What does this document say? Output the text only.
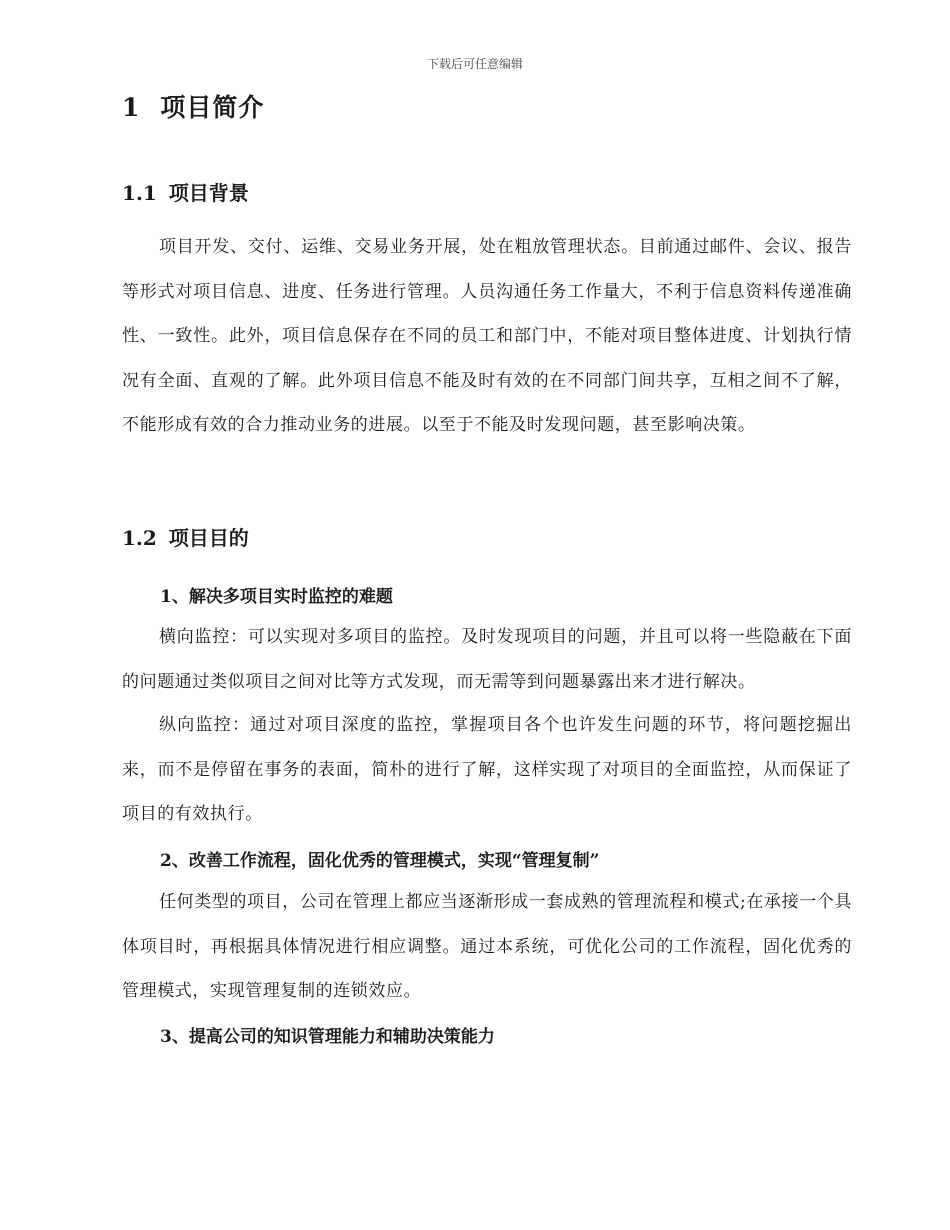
下载后可任意编辑
1 项目简介
1.1 项目背景
项目开发、交付、运维、交易业务开展，处在粗放管理状态。目前通过邮件、会议、报告等形式对项目信息、进度、任务进行管理。人员沟通任务工作量大，不利于信息资料传递准确性、一致性。此外，项目信息保存在不同的员工和部门中，不能对项目整体进度、计划执行情况有全面、直观的了解。此外项目信息不能及时有效的在不同部门间共享，互相之间不了解，不能形成有效的合力推动业务的进展。以至于不能及时发现问题，甚至影响决策。
1.2 项目目的
1、解决多项目实时监控的难题
横向监控：可以实现对多项目的监控。及时发现项目的问题，并且可以将一些隐蔽在下面的问题通过类似项目之间对比等方式发现，而无需等到问题暴露出来才进行解决。
纵向监控：通过对项目深度的监控，掌握项目各个也许发生问题的环节，将问题挖掘出来，而不是停留在事务的表面，简朴的进行了解，这样实现了对项目的全面监控，从而保证了项目的有效执行。
2、改善工作流程，固化优秀的管理模式，实现“管理复制”
任何类型的项目，公司在管理上都应当逐渐形成一套成熟的管理流程和模式;在承接一个具体项目时，再根据具体情况进行相应调整。通过本系统，可优化公司的工作流程，固化优秀的管理模式，实现管理复制的连锁效应。
3、提高公司的知识管理能力和辅助决策能力
